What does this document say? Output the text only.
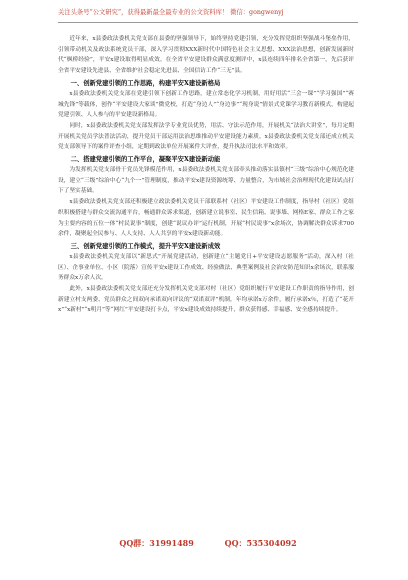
关注头条号“公文研究”，获得最新最全最专业的公文资料库！ 微信：gongwenyj

近年来，x县委政法委机关党支部在县委的坚强领导下，始终坚持党建引领，充分发挥党组织坚强战斗堡垒作用，引领带动机关及政法系统党员干部，深入学习贯彻XXX新时代中国特色社会主义思想、XXX法治思想，创新发展新时代“枫桥经验”，平安x建设取得明显成效。在全省平安建设群众满意度测评中，x县连续四年排名全省第一，先后获评全省平安建设先进县、全省维护社会稳定先进县、全国信访工作“三无”县。

一、创新党建引领的工作思路，构建平安Ⅹ建设新格局

x县委政法委机关党支部在党建引领下创新工作思路，建立常态化学习机制，用好用活“三会一课”“学习强国”“赛城先锋”等载体，创作“平安建设大家谈”微党校，打造“身边人”“身边事”“现身说”情景式党课学习教育新模式，构建起党建引领、人人参与的平安建设新格局。

同时，x县委政法委机关党支部发挥法学专业党员优势，用活、守法示范作用，开展机关“法治大讲堂”，每月定期开展机关党员学法普法活动，提升党员干部运用法治思维推动平安建设能力素质。x县委政法委机关党支部还成立机关党支部领导下的案件评查小组，定期到政法单位开展案件大评查，提升执法司法水平和效率。

二、搭建党建引领的工作平台，凝聚平安Ⅹ建设新动能

为发挥机关党支部骨干党员先锋模范作用，x县委政法委机关党支部牵头推动落实县镇村“三级”综治中心规范化建设，建立“三级”综治中心“九个一”管理制度，推动平安x建设资源统筹、力量整合，为市域社会治理现代化建设试点打下了坚实基础。

x县委政法委机关党支部还积极建立政法委机关党员干部联系村（社区）平安建设工作制度，指导村（社区）党组织积极搭建与群众交流沟通平台，畅通群众诉求渠道，创新建立说事室、民生信箱、说事墙、网格E家、群众工作之家为主要内容的五位一体“村民说事”制度，创建“说议办评”运行机制，开展“村民说事”x余场次，协调解决群众诉求700余件，凝聚起全民参与、人人支持、人人共享的平安x建设新动能。

三、创新党建引领的工作模式，提升平安Ⅹ建设新成效

x县委政法委机关党支部以“新思式”开展党建活动，创新建立“主题党日+平安建设志愿服务”活动，深入村（社区）、企事业单位、小区（院落）宣传平安x建设工作成效、经验做法、典型案例及社会治安防范知识x余场次，联系服务群众x万余人次。

此外，x县委政法委机关党支部还充分发挥机关党支部对村（社区）党组织履行平安建设工作职责的指导作用，创新建立村支两委、党员群众之间双向承诺双向评议的“双诺双评”机制，年均承诺x万余件，履行承诺x％，打造了“花开x”“x新村”“x明月”等“网红”平安建设打卡点，平安x建设成效持续提升，群众获得感、幸福感、安全感持续提升。

QQ群：31991489	QQ：535304092
